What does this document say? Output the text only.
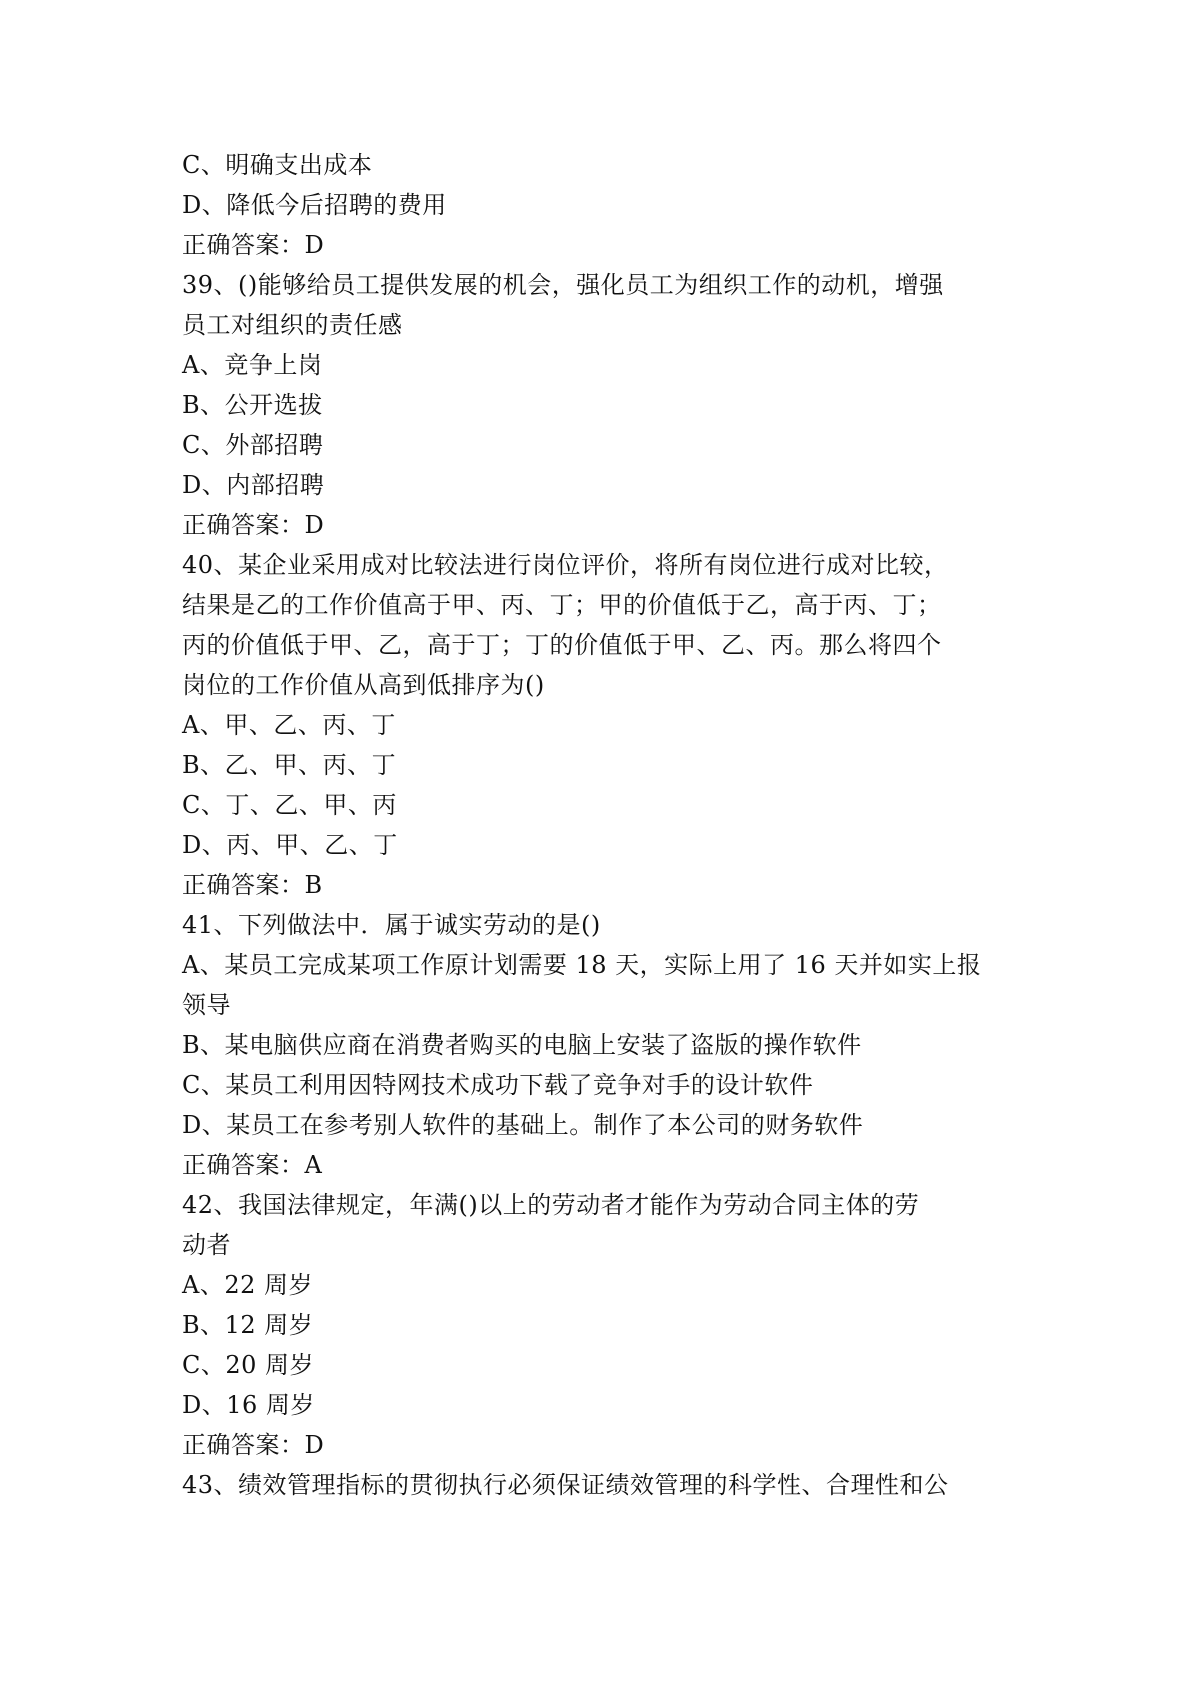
C、明确支出成本
D、降低今后招聘的费用
正确答案：D
39、()能够给员工提供发展的机会，强化员工为组织工作的动机，增强
员工对组织的责任感
A、竞争上岗
B、公开选拔
C、外部招聘
D、内部招聘
正确答案：D
40、某企业采用成对比较法进行岗位评价，将所有岗位进行成对比较，
结果是乙的工作价值高于甲、丙、丁；甲的价值低于乙，高于丙、丁；
丙的价值低于甲、乙，高于丁；丁的价值低于甲、乙、丙。那么将四个
岗位的工作价值从高到低排序为()
A、甲、乙、丙、丁
B、乙、甲、丙、丁
C、丁、乙、甲、丙
D、丙、甲、乙、丁
正确答案：B
41、下列做法中．属于诚实劳动的是()
A、某员工完成某项工作原计划需要 18 天，实际上用了 16 天并如实上报
领导
B、某电脑供应商在消费者购买的电脑上安装了盗版的操作软件
C、某员工利用因特网技术成功下载了竞争对手的设计软件
D、某员工在参考别人软件的基础上。制作了本公司的财务软件
正确答案：A
42、我国法律规定，年满()以上的劳动者才能作为劳动合同主体的劳
动者
A、22 周岁
B、12 周岁
C、20 周岁
D、16 周岁
正确答案：D
43、绩效管理指标的贯彻执行必须保证绩效管理的科学性、合理性和公
